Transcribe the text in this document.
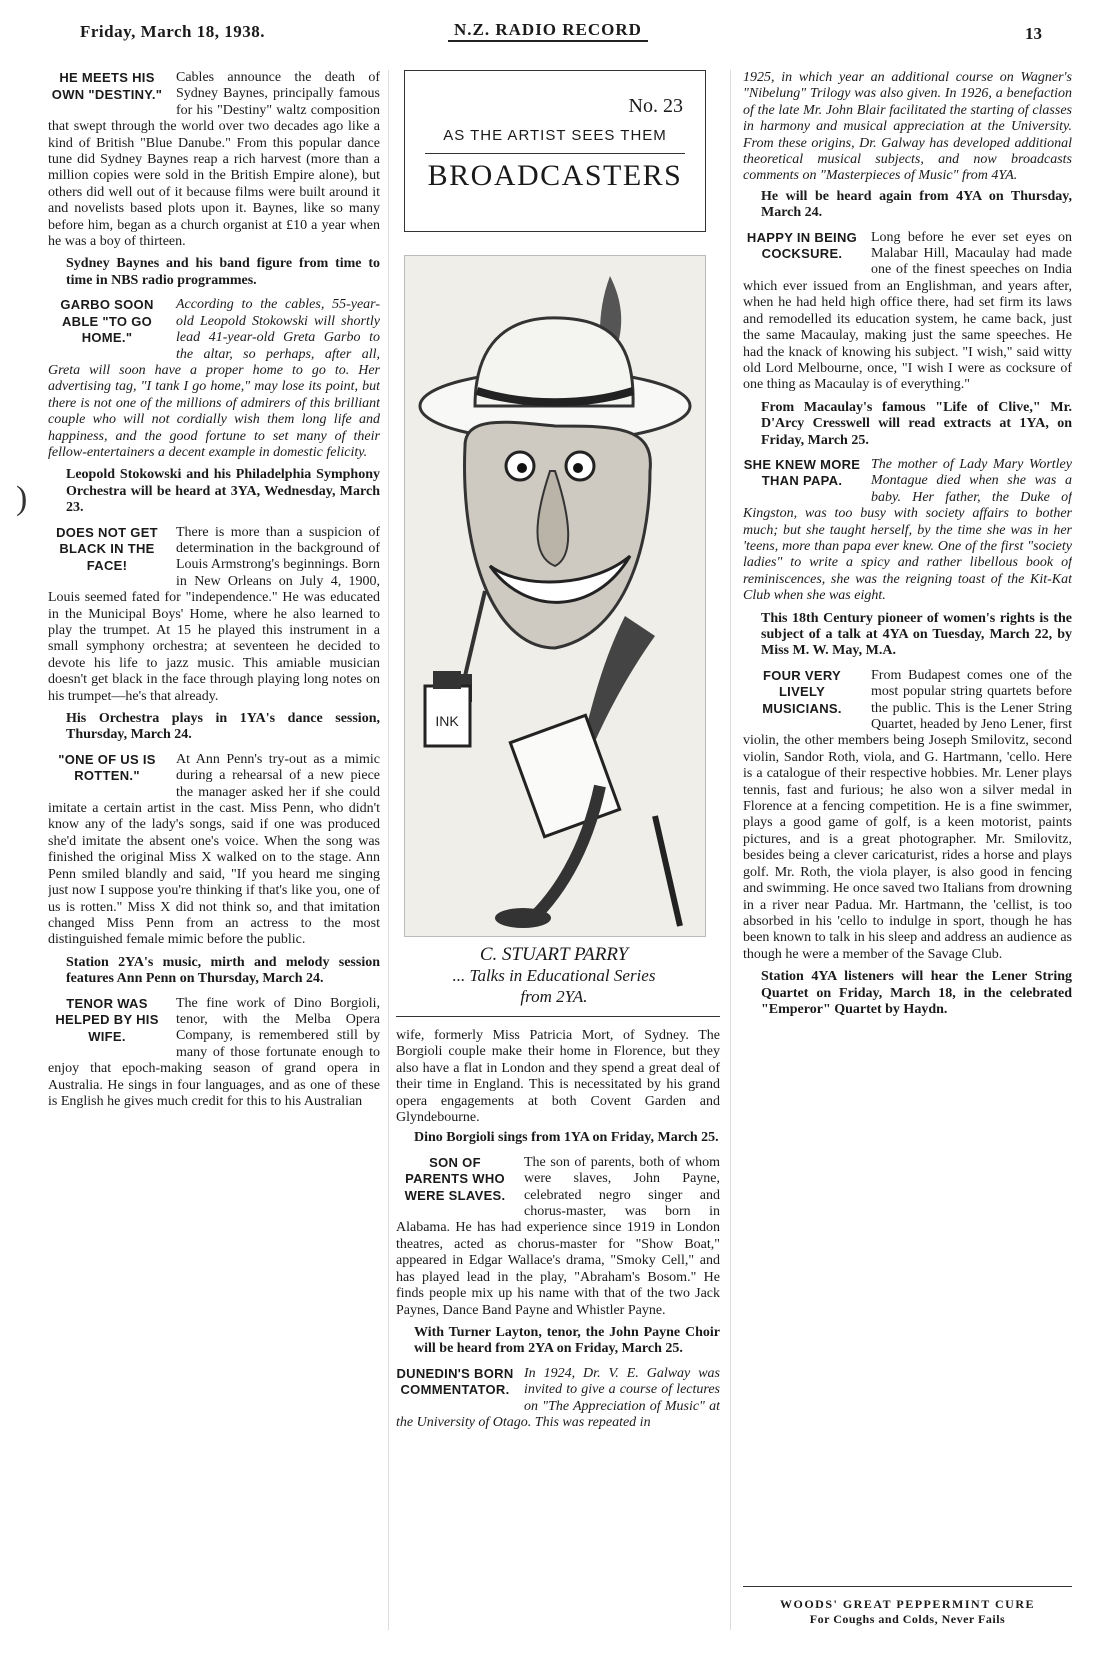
Friday, March 18, 1938.	N.Z. RADIO RECORD	13
)
HE MEETS HIS OWN "DESTINY."

Cables announce the death of Sydney Baynes, principally famous for his "Destiny" waltz composition that swept through the world over two decades ago like a kind of British "Blue Danube." From this popular dance tune did Sydney Baynes reap a rich harvest (more than a million copies were sold in the British Empire alone), but others did well out of it because films were built around it and novelists based plots upon it. Baynes, like so many before him, began as a church organist at £10 a year when he was a boy of thirteen.

Sydney Baynes and his band figure from time to time in NBS radio programmes.

GARBO SOON ABLE "TO GO HOME."

According to the cables, 55-year-old Leopold Stokowski will shortly lead 41-year-old Greta Garbo to the altar, so perhaps, after all, Greta will soon have a proper home to go to. Her advertising tag, "I tank I go home," may lose its point, but there is not one of the millions of admirers of this brilliant couple who will not cordially wish them long life and happiness, and the good fortune to set many of their fellow-entertainers a decent example in domestic felicity.

Leopold Stokowski and his Philadelphia Symphony Orchestra will be heard at 3YA, Wednesday, March 23.

DOES NOT GET BLACK IN THE FACE!

There is more than a suspicion of determination in the background of Louis Armstrong's beginnings. Born in New Orleans on July 4, 1900, Louis seemed fated for "independence." He was educated in the Municipal Boys' Home, where he also learned to play the trumpet. At 15 he played this instrument in a small symphony orchestra; at seventeen he decided to devote his life to jazz music. This amiable musician doesn't get black in the face through playing long notes on his trumpet—he's that already.

His Orchestra plays in 1YA's dance session, Thursday, March 24.

"ONE OF US IS ROTTEN."

At Ann Penn's try-out as a mimic during a rehearsal of a new piece the manager asked her if she could imitate a certain artist in the cast. Miss Penn, who didn't know any of the lady's songs, said if one was produced she'd imitate the absent one's voice. When the song was finished the original Miss X walked on to the stage. Ann Penn smiled blandly and said, "If you heard me singing just now I suppose you're thinking if that's like you, one of us is rotten." Miss X did not think so, and that imitation changed Miss Penn from an actress to the most distinguished female mimic before the public.

Station 2YA's music, mirth and melody session features Ann Penn on Thursday, March 24.

TENOR WAS HELPED BY HIS WIFE.

The fine work of Dino Borgioli, tenor, with the Melba Opera Company, is remembered still by many of those fortunate enough to enjoy that epoch-making season of grand opera in Australia. He sings in four languages, and as one of these is English he gives much credit for this to his Australian

No. 23
AS THE ARTIST SEES THEM
BROADCASTERS
INK
C. STUART PARRY
... Talks in Educational Series
from 2YA.

wife, formerly Miss Patricia Mort, of Sydney. The Borgioli couple make their home in Florence, but they also have a flat in London and they spend a great deal of their time in England. This is necessitated by his grand opera engagements at both Covent Garden and Glyndebourne.

Dino Borgioli sings from 1YA on Friday, March 25.

SON OF PARENTS WHO WERE SLAVES.

The son of parents, both of whom were slaves, John Payne, celebrated negro singer and chorus-master, was born in Alabama. He has had experience since 1919 in London theatres, acted as chorus-master for "Show Boat," appeared in Edgar Wallace's drama, "Smoky Cell," and has played lead in the play, "Abraham's Bosom." He finds people mix up his name with that of the two Jack Paynes, Dance Band Payne and Whistler Payne.

With Turner Layton, tenor, the John Payne Choir will be heard from 2YA on Friday, March 25.

DUNEDIN'S BORN COMMENTATOR.

In 1924, Dr. V. E. Galway was invited to give a course of lectures on "The Appreciation of Music" at the University of Otago. This was repeated in

1925, in which year an additional course on Wagner's "Nibelung" Trilogy was also given. In 1926, a benefaction of the late Mr. John Blair facilitated the starting of classes in harmony and musical appreciation at the University. From these origins, Dr. Galway has developed additional theoretical musical subjects, and now broadcasts comments on "Masterpieces of Music" from 4YA.

He will be heard again from 4YA on Thursday, March 24.

HAPPY IN BEING COCKSURE.

Long before he ever set eyes on Malabar Hill, Macaulay had made one of the finest speeches on India which ever issued from an Englishman, and years after, when he had held high office there, had set firm its laws and remodelled its education system, he came back, just the same Macaulay, making just the same speeches. He had the knack of knowing his subject. "I wish," said witty old Lord Melbourne, once, "I wish I were as cocksure of one thing as Macaulay is of everything."

From Macaulay's famous "Life of Clive," Mr. D'Arcy Cresswell will read extracts at 1YA, on Friday, March 25.

SHE KNEW MORE THAN PAPA.

The mother of Lady Mary Wortley Montague died when she was a baby. Her father, the Duke of Kingston, was too busy with society affairs to bother much; but she taught herself, by the time she was in her 'teens, more than papa ever knew. One of the first "society ladies" to write a spicy and rather libellous book of reminiscences, she was the reigning toast of the Kit-Kat Club when she was eight.

This 18th Century pioneer of women's rights is the subject of a talk at 4YA on Tuesday, March 22, by Miss M. W. May, M.A.

FOUR VERY LIVELY MUSICIANS.

From Budapest comes one of the most popular string quartets before the public. This is the Lener String Quartet, headed by Jeno Lener, first violin, the other members being Joseph Smilovitz, second violin, Sandor Roth, viola, and G. Hartmann, 'cello. Here is a catalogue of their respective hobbies. Mr. Lener plays tennis, fast and furious; he also won a silver medal in Florence at a fencing competition. He is a fine swimmer, plays a good game of golf, is a keen motorist, paints pictures, and is a great photographer. Mr. Smilovitz, besides being a clever caricaturist, rides a horse and plays golf. Mr. Roth, the viola player, is also good in fencing and swimming. He once saved two Italians from drowning in a river near Padua. Mr. Hartmann, the 'cellist, is too absorbed in his 'cello to indulge in sport, though he has been known to talk in his sleep and address an audience as though he were a member of the Savage Club.

Station 4YA listeners will hear the Lener String Quartet on Friday, March 18, in the celebrated "Emperor" Quartet by Haydn.

WOODS' GREAT PEPPERMINT CURE
For Coughs and Colds, Never Fails
